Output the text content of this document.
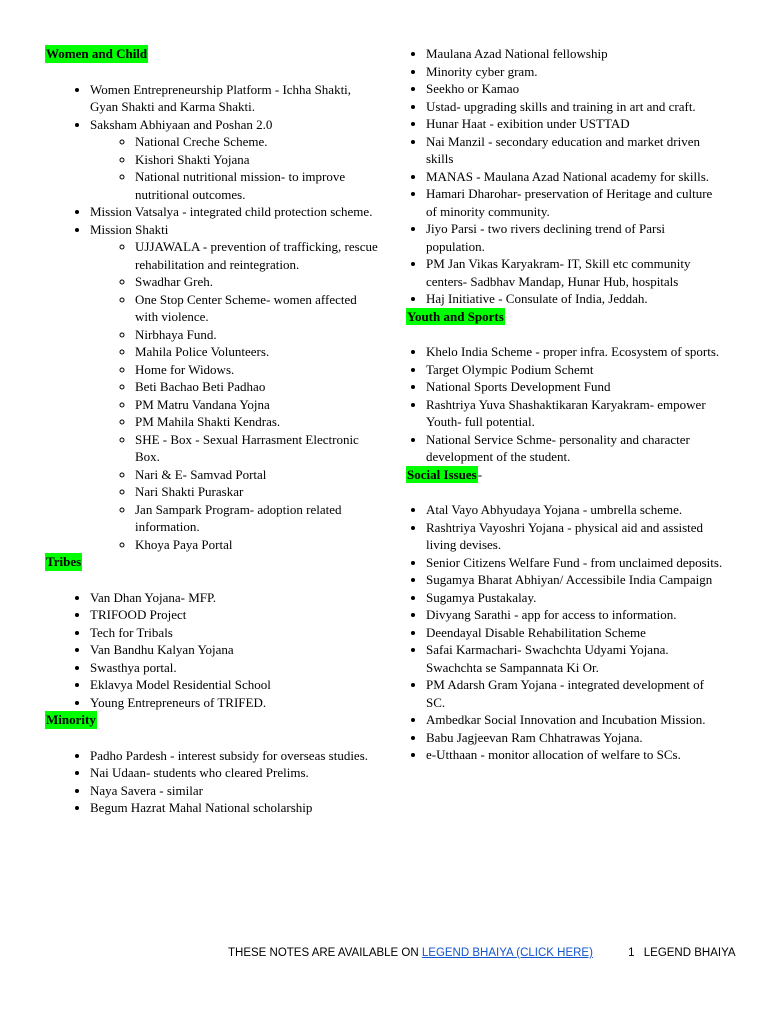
Women and Child
• Women Entrepreneurship Platform - Ichha Shakti, Gyan Shakti and Karma Shakti.
• Saksham Abhiyaan and Poshan 2.0
◦ National Creche Scheme.
◦ Kishori Shakti Yojana
◦ National nutritional mission- to improve nutritional outcomes.
• Mission Vatsalya - integrated child protection scheme.
• Mission Shakti
◦ UJJAWALA - prevention of trafficking, rescue rehabilitation and reintegration.
◦ Swadhar Greh.
◦ One Stop Center Scheme- women affected with violence.
◦ Nirbhaya Fund.
◦ Mahila Police Volunteers.
◦ Home for Widows.
◦ Beti Bachao Beti Padhao
◦ PM Matru Vandana Yojna
◦ PM Mahila Shakti Kendras.
◦ SHE - Box - Sexual Harrasment Electronic Box.
◦ Nari & E- Samvad Portal
◦ Nari Shakti Puraskar
◦ Jan Sampark Program- adoption related information.
◦ Khoya Paya Portal
Tribes
• Van Dhan Yojana- MFP.
• TRIFOOD Project
• Tech for Tribals
• Van Bandhu Kalyan Yojana
• Swasthya portal.
• Eklavya Model Residential School
• Young Entrepreneurs of TRIFED.
Minority
• Padho Pardesh - interest subsidy for overseas studies.
• Nai Udaan- students who cleared Prelims.
• Naya Savera - similar
• Begum Hazrat Mahal National scholarship
• Maulana Azad National fellowship
• Minority cyber gram.
• Seekho or Kamao
• Ustad- upgrading skills and training in art and craft.
• Hunar Haat - exibition under USTTAD
• Nai Manzil - secondary education and market driven skills
• MANAS - Maulana Azad National academy for skills.
• Hamari Dharohar- preservation of Heritage and culture of minority community.
• Jiyo Parsi - two rivers declining trend of Parsi population.
• PM Jan Vikas Karyakram- IT, Skill etc community centers- Sadbhav Mandap, Hunar Hub, hospitals
• Haj Initiative - Consulate of India, Jeddah.
Youth and Sports
• Khelo India Scheme - proper infra. Ecosystem of sports.
• Target Olympic Podium Schemt
• National Sports Development Fund
• Rashtriya Yuva Shashaktikaran Karyakram- empower Youth- full potential.
• National Service Schme- personality and character development of the student.
Social Issues-
• Atal Vayo Abhyudaya Yojana - umbrella scheme.
• Rashtriya Vayoshri Yojana - physical aid and assisted living devises.
• Senior Citizens Welfare Fund - from unclaimed deposits.
• Sugamya Bharat Abhiyan/ Accessibile India Campaign
• Sugamya Pustakalay.
• Divyang Sarathi - app for access to information.
• Deendayal Disable Rehabilitation Scheme
• Safai Karmachari- Swachchta Udyami Yojana. Swachchta se Sampannata Ki Or.
• PM Adarsh Gram Yojana - integrated development of SC.
• Ambedkar Social Innovation and Incubation Mission.
• Babu Jagjeevan Ram Chhatrawas Yojana.
• e-Utthaan - monitor allocation of welfare to SCs.
THESE NOTES ARE AVAILABLE ON LEGEND BHAIYA (CLICK HERE)	1 LEGEND BHAIYA
